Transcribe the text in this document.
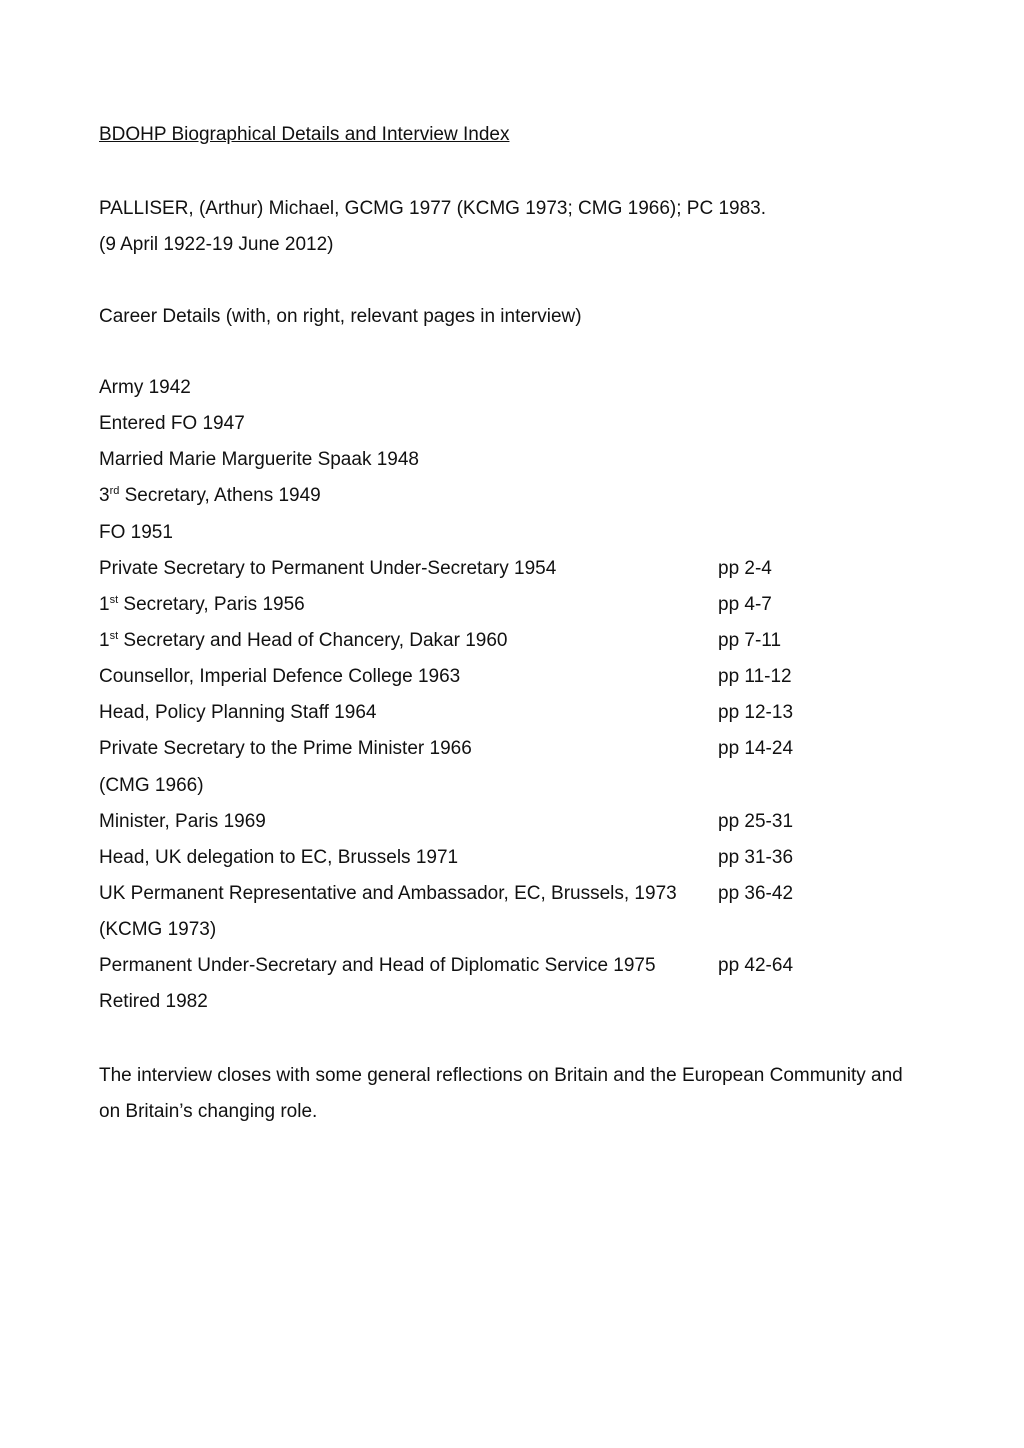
BDOHP Biographical Details and Interview Index
PALLISER, (Arthur) Michael, GCMG 1977 (KCMG 1973; CMG 1966); PC 1983.
(9 April 1922-19 June 2012)
Career Details (with, on right, relevant pages in interview)
Army 1942
Entered FO 1947
Married Marie Marguerite Spaak 1948
3rd Secretary, Athens 1949
FO 1951
Private Secretary to Permanent Under-Secretary 1954	pp 2-4
1st Secretary, Paris 1956	pp 4-7
1st Secretary and Head of Chancery, Dakar 1960	pp 7-11
Counsellor, Imperial Defence College 1963	pp 11-12
Head, Policy Planning Staff 1964	pp 12-13
Private Secretary to the Prime Minister 1966	pp 14-24
(CMG 1966)
Minister, Paris 1969	pp 25-31
Head, UK delegation to EC, Brussels 1971	pp 31-36
UK Permanent Representative and Ambassador, EC, Brussels, 1973 pp 36-42
(KCMG 1973)
Permanent Under-Secretary and Head of Diplomatic Service 1975	pp 42-64
Retired 1982

The interview closes with some general reflections on Britain and the European Community and on Britain’s changing role.
